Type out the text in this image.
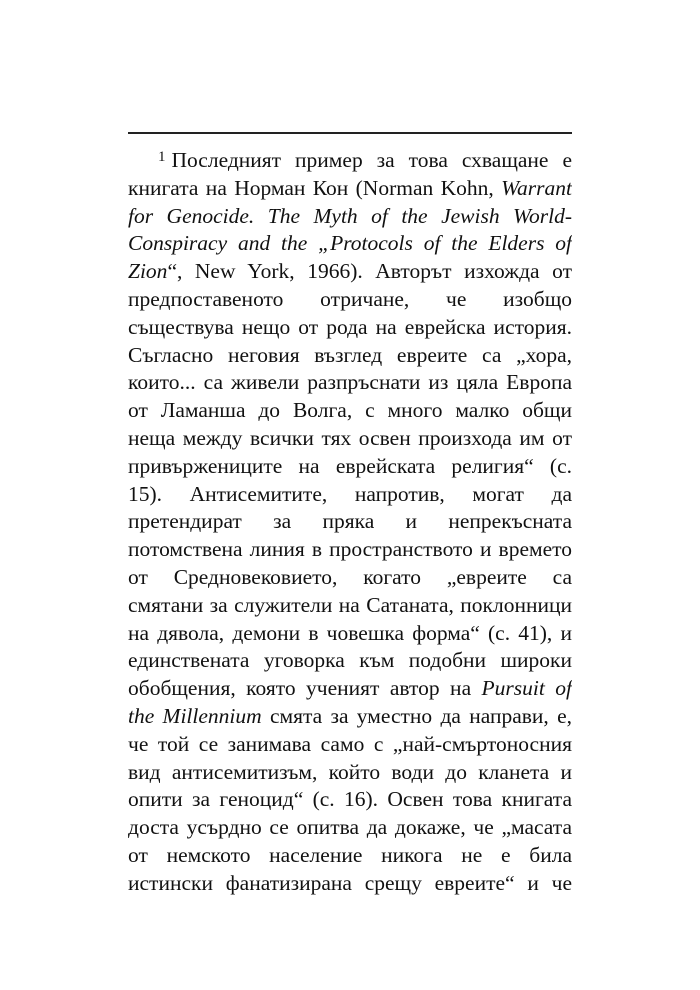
$^1$ Последният пример за това схващане е
книгата на Норман Кон (Norman Kohn, Warrant
for Genocide. The Myth of the Jewish World-
Conspiracy and the „Protocols of the Elders of
Zion“, New York, 1966). Авторът изхожда от
предпоставеното отричане, че изобщо
съществува нещо от рода на еврейска история.
Съгласно неговия възглед евреите са „хора,
които... са живели разпръснати из цяла Европа
от Ламанша до Волга, с много малко общи
неща между всички тях освен произхода им от
привърженицитe на еврейската религия“ (с.
15). Антисемитите, напротив, могат да
претендират за пряка и непрекъсната
потомствена линия в пространството и времето
от Средновековието, когато „евреите са
смятани за служители на Сатаната, поклонници
на дявола, демони в човешка форма“ (с. 41), и
единствената уговорка към подобни широки
обобщения, която ученият автор на Pursuit of
the Millennium смята за уместно да направи, е,
че той се занимава само с „най-смъртоносния
вид антисемитизъм, който води до кланета и
опити за геноцид“ (с. 16). Освен това книгата
доста усърдно се опитва да докаже, че „масата
от немското население никога не е била
истински фанатизирана срещу евреите“ и че
